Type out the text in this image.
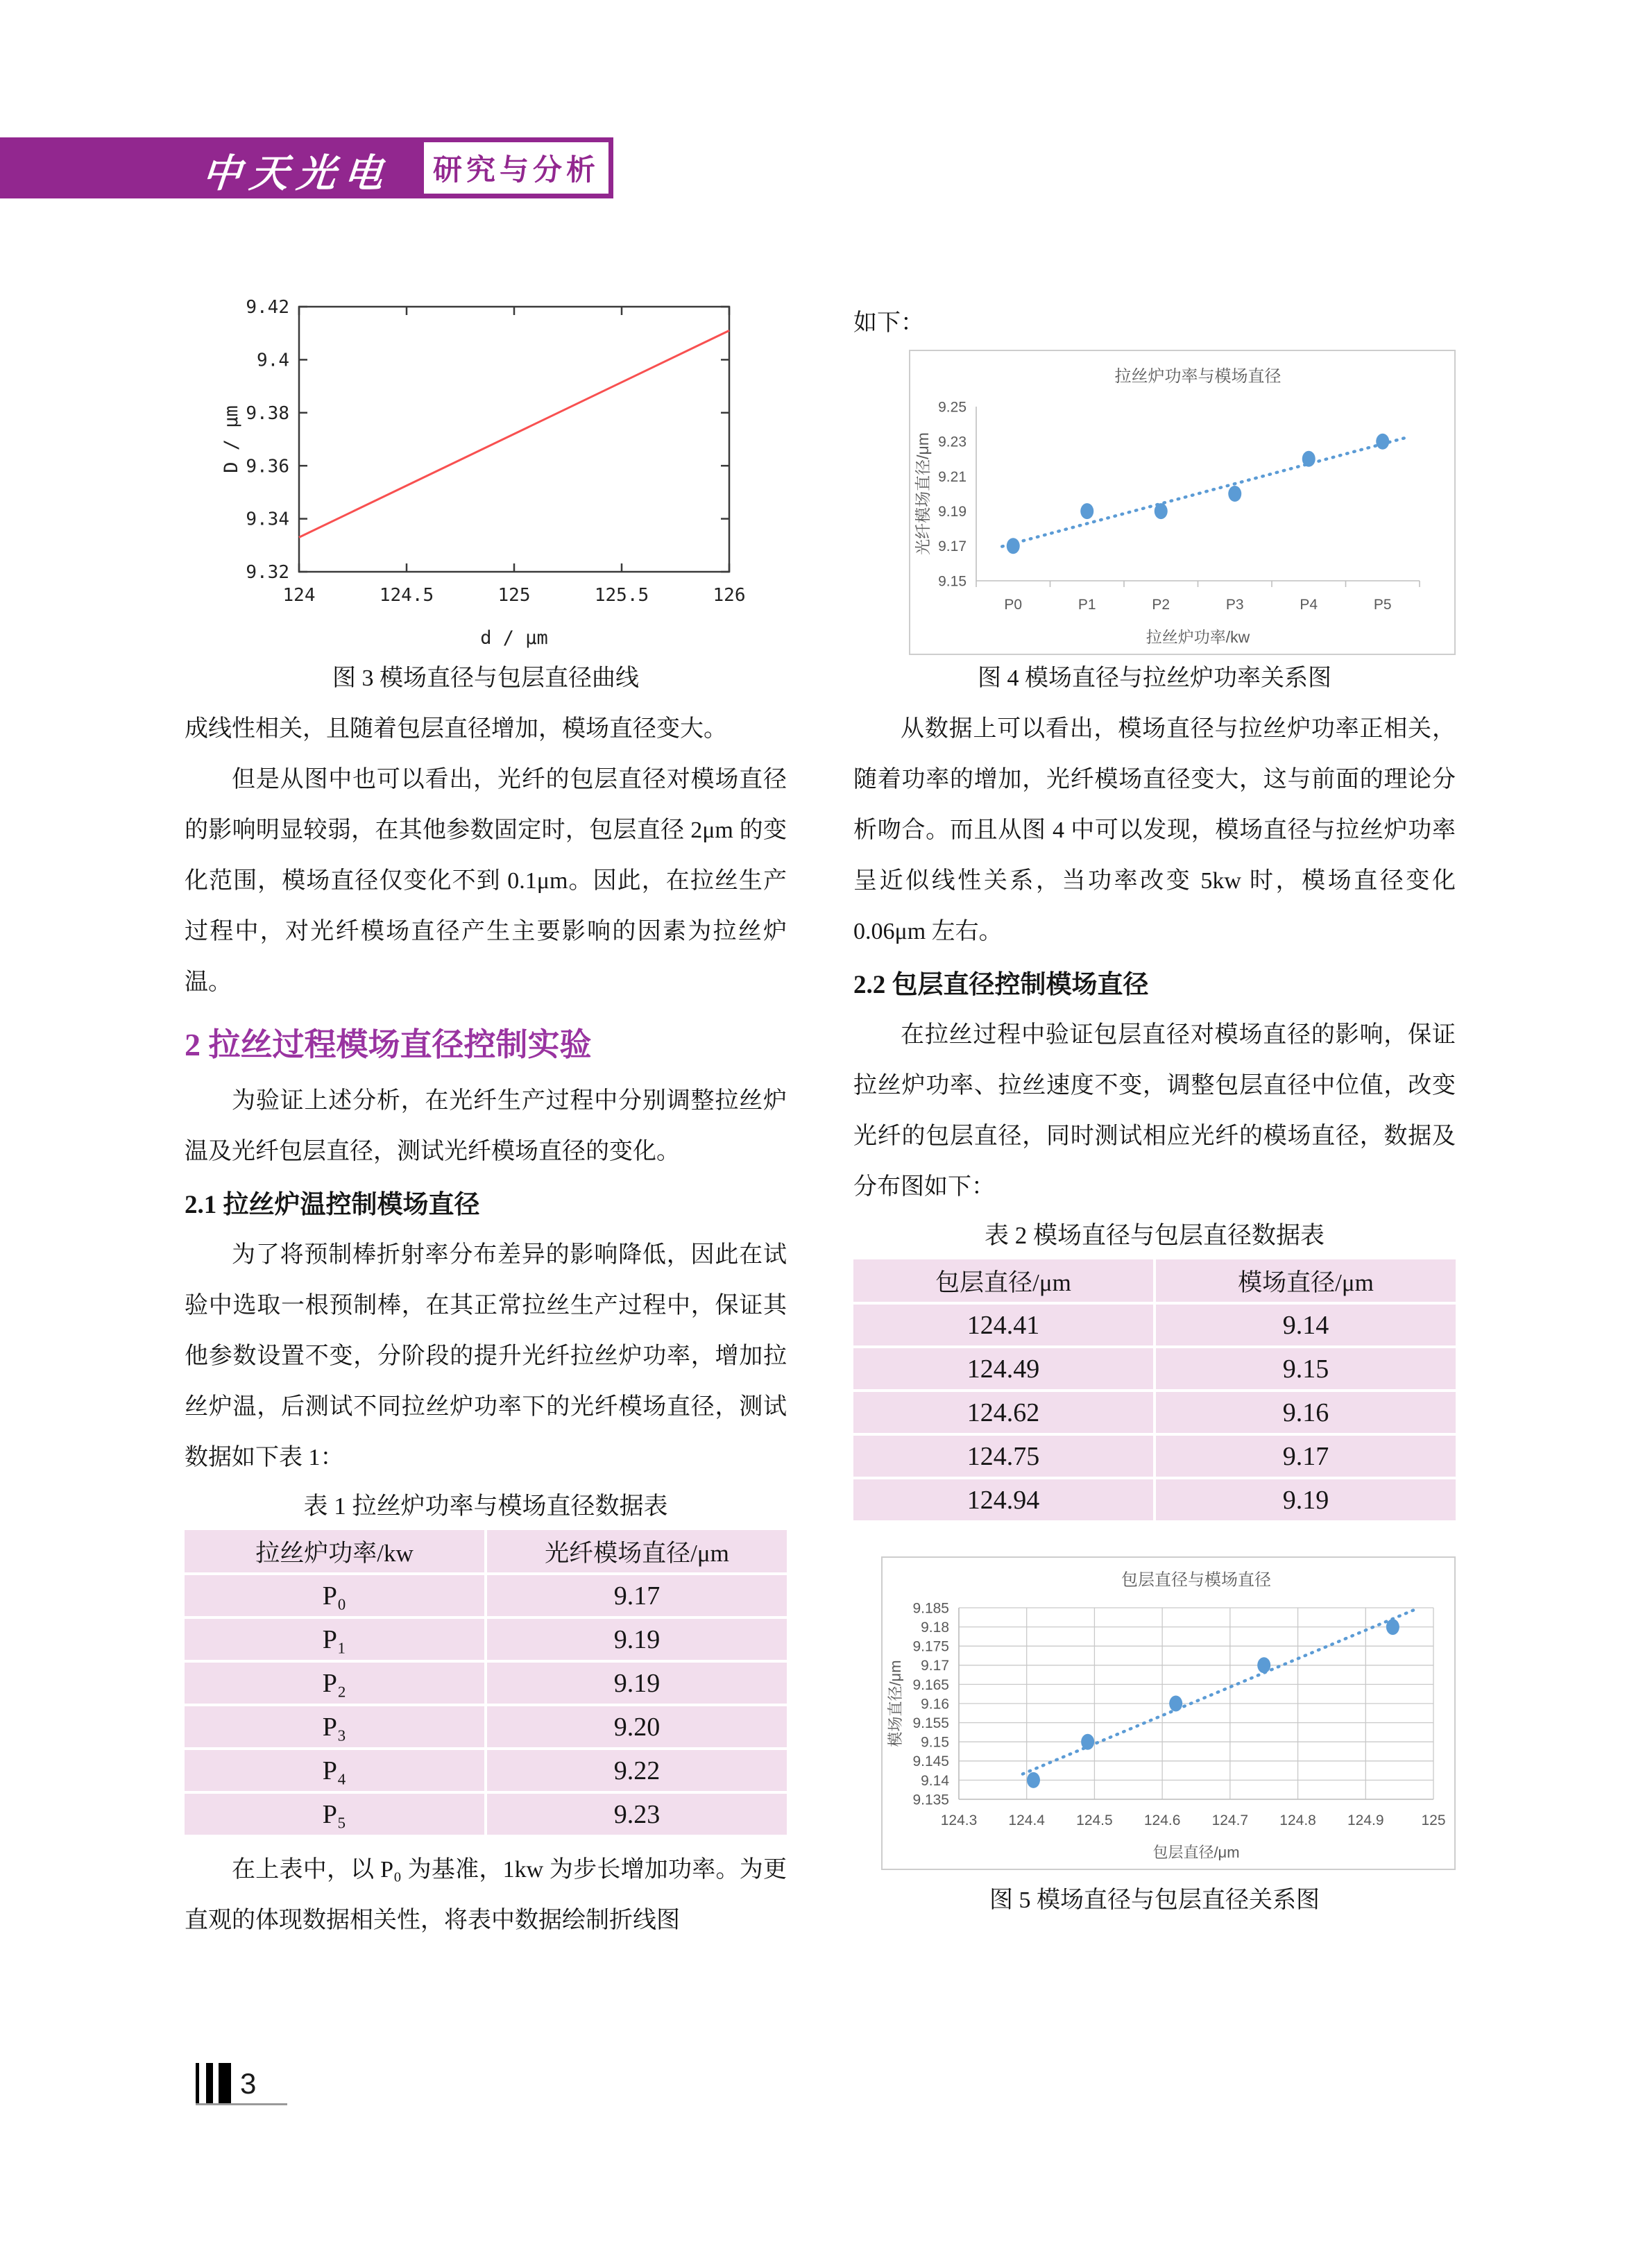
中天光电 研究与分析
9.32
9.34
9.36
9.38
9.4
9.42
124	124.5	125	125.5	126
d / μm
D / μm
图 3 模场直径与包层直径曲线

成线性相关，且随着包层直径增加，模场直径变大。

但是从图中也可以看出，光纤的包层直径对模场直径的影响明显较弱，在其他参数固定时，包层直径 2μm 的变化范围，模场直径仅变化不到 0.1μm。因此，在拉丝生产过程中，对光纤模场直径产生主要影响的因素为拉丝炉温。

2 拉丝过程模场直径控制实验

为验证上述分析，在光纤生产过程中分别调整拉丝炉温及光纤包层直径，测试光纤模场直径的变化。

2.1 拉丝炉温控制模场直径

为了将预制棒折射率分布差异的影响降低，因此在试验中选取一根预制棒，在其正常拉丝生产过程中，保证其他参数设置不变，分阶段的提升光纤拉丝炉功率，增加拉丝炉温，后测试不同拉丝炉功率下的光纤模场直径，测试数据如下表 1：

表 1 拉丝炉功率与模场直径数据表
拉丝炉功率/kw	光纤模场直径/μm
P₀	9.17
P₁	9.19
P₂	9.19
P₃	9.20
P₄	9.22
P₅	9.23

在上表中，以 P₀ 为基准，1kw 为步长增加功率。为更直观的体现数据相关性，将表中数据绘制折线图

如下：

9.15
9.17
9.19
9.21
9.23
9.25
P0	P1	P2	P3	P4	P5
拉丝炉功率与模场直径
拉丝炉功率/kw
光纤模场直径/μm
图 4 模场直径与拉丝炉功率关系图

从数据上可以看出，模场直径与拉丝炉功率正相关，随着功率的增加，光纤模场直径变大，这与前面的理论分析吻合。而且从图 4 中可以发现，模场直径与拉丝炉功率呈近似线性关系，当功率改变 5kw 时，模场直径变化 0.06μm 左右。

2.2 包层直径控制模场直径

在拉丝过程中验证包层直径对模场直径的影响，保证拉丝炉功率、拉丝速度不变，调整包层直径中位值，改变光纤的包层直径，同时测试相应光纤的模场直径，数据及分布图如下：

表 2 模场直径与包层直径数据表
包层直径/μm	模场直径/μm
124.41	9.14
124.49	9.15
124.62	9.16
124.75	9.17
124.94	9.19
9.135
9.14
9.145
9.15
9.155
9.16
9.165
9.17
9.175
9.18
9.185
124.3 124.4 124.5 124.6 124.7 124.8 124.9	125
包层直径与模场直径
包层直径/μm
模场直径/μm
图 5 模场直径与包层直径关系图
3
